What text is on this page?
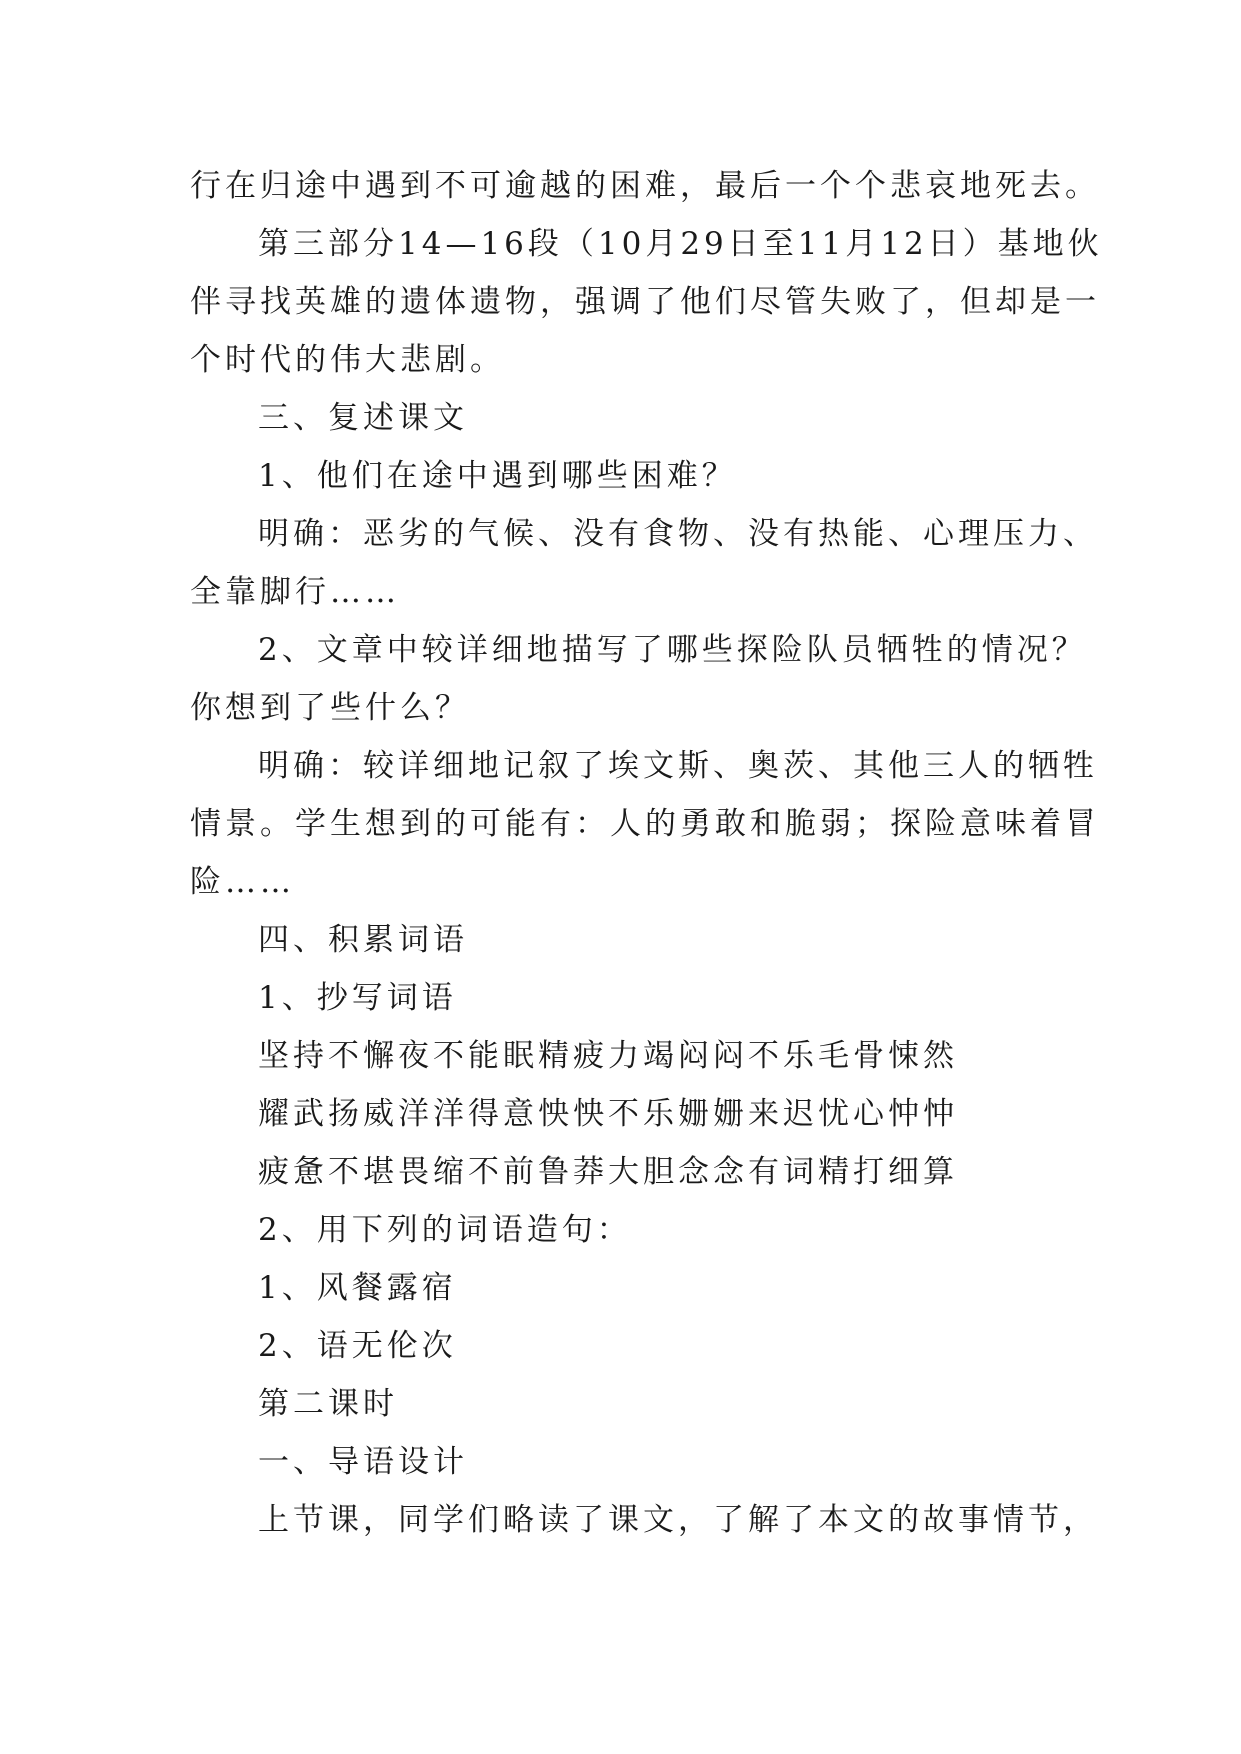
行在归途中遇到不可逾越的困难，最后一个个悲哀地死去。
第三部分14—16段（10月29日至11月12日）基地伙
伴寻找英雄的遗体遗物，强调了他们尽管失败了，但却是一
个时代的伟大悲剧。
三、复述课文
1、他们在途中遇到哪些困难？
明确：恶劣的气候、没有食物、没有热能、心理压力、
全靠脚行……
2、文章中较详细地描写了哪些探险队员牺牲的情况？
你想到了些什么？
明确：较详细地记叙了埃文斯、奥茨、其他三人的牺牲
情景。学生想到的可能有：人的勇敢和脆弱；探险意味着冒
险……
四、积累词语
1、抄写词语
坚持不懈夜不能眠精疲力竭闷闷不乐毛骨悚然
耀武扬威洋洋得意怏怏不乐姗姗来迟忧心忡忡
疲惫不堪畏缩不前鲁莽大胆念念有词精打细算
2、用下列的词语造句：
1、风餐露宿
2、语无伦次
第二课时
一、导语设计
上节课，同学们略读了课文，了解了本文的故事情节，
